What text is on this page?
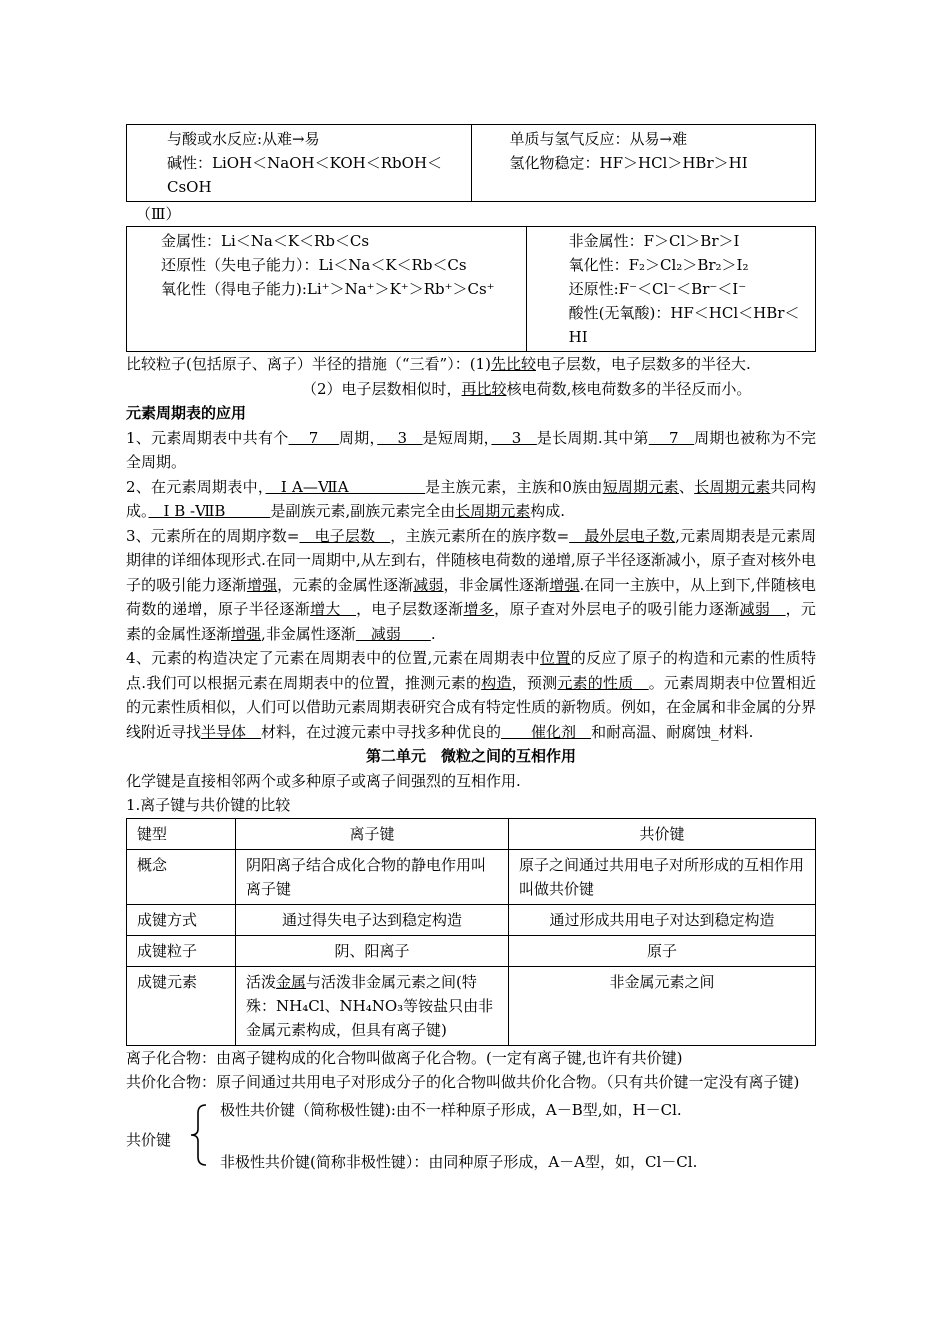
与酸或水反应:从难→易
碱性：LiOH＜NaOH＜KOH＜RbOH＜CsOH

单质与氢气反应：从易→难
氢化物稳定：HF＞HCl＞HBr＞HI
（Ⅲ）
金属性：Li＜Na＜K＜Rb＜Cs
还原性（失电子能力）：Li＜Na＜K＜Rb＜Cs
氧化性（得电子能力):Li⁺＞Na⁺＞K⁺＞Rb⁺＞Cs⁺

非金属性：F＞Cl＞Br＞I
氧化性：F₂＞Cl₂＞Br₂＞I₂
还原性:F⁻＜Cl⁻＜Br⁻＜I⁻
酸性(无氧酸)：HF＜HCl＜HBr＜HI

比较粒子(包括原子、离子）半径的措施（“三看”）：(1)先比较电子层数，电子层数多的半径大.

（2）电子层数相似时，再比较核电荷数,核电荷数多的半径反而小。

元素周期表的应用

1、元素周期表中共有个　 7　 周期，　 3　是短周期，　 3　是长周期.其中第　 7　周期也被称为不完全周期。

2、在元素周期表中，　Ⅰ A—ⅦA　　　　　是主族元素，主族和0族由短周期元素、长周期元素共同构成。　Ⅰ B -ⅦB　　　是副族元素,副族元素完全由长周期元素构成.

3、元素所在的周期序数=　电子层数　，主族元素所在的族序数=　最外层电子数,元素周期表是元素周期律的详细体现形式.在同一周期中,从左到右，伴随核电荷数的递增,原子半径逐渐减小，原子查对核外电子的吸引能力逐渐增强，元素的金属性逐渐减弱，非金属性逐渐增强.在同一主族中，从上到下,伴随核电荷数的递增，原子半径逐渐增大　，电子层数逐渐增多，原子查对外层电子的吸引能力逐渐减弱　，元素的金属性逐渐增强,非金属性逐渐　减弱　　.

4、元素的构造决定了元素在周期表中的位置,元素在周期表中位置的反应了原子的构造和元素的性质特点.我们可以根据元素在周期表中的位置，推测元素的构造，预测元素的性质　。元素周期表中位置相近的元素性质相似，人们可以借助元素周期表研究合成有特定性质的新物质。例如，在金属和非金属的分界线附近寻找半导体　材料，在过渡元素中寻找多种优良的　　催化剂　和耐高温、耐腐蚀_材料.

第二单元　微粒之间的互相作用

化学键是直接相邻两个或多种原子或离子间强烈的互相作用.

1.离子键与共价键的比较

键型	离子键	共价键
概念	阴阳离子结合成化合物的静电作用叫离子键	原子之间通过共用电子对所形成的互相作用叫做共价键
成键方式	通过得失电子达到稳定构造	通过形成共用电子对达到稳定构造
成键粒子	阴、阳离子	原子
成键元素	活泼金属与活泼非金属元素之间(特殊：NH₄Cl、NH₄NO₃等铵盐只由非金属元素构成，但具有离子键)	非金属元素之间

离子化合物：由离子键构成的化合物叫做离子化合物。(一定有离子键,也许有共价键)

共价化合物：原子间通过共用电子对形成分子的化合物叫做共价化合物。（只有共价键一定没有离子键)

共价键
极性共价键（简称极性键):由不一样种原子形成，A－B型,如，H－Cl.
非极性共价键(简称非极性键）：由同种原子形成，A－A型，如，Cl－Cl.
